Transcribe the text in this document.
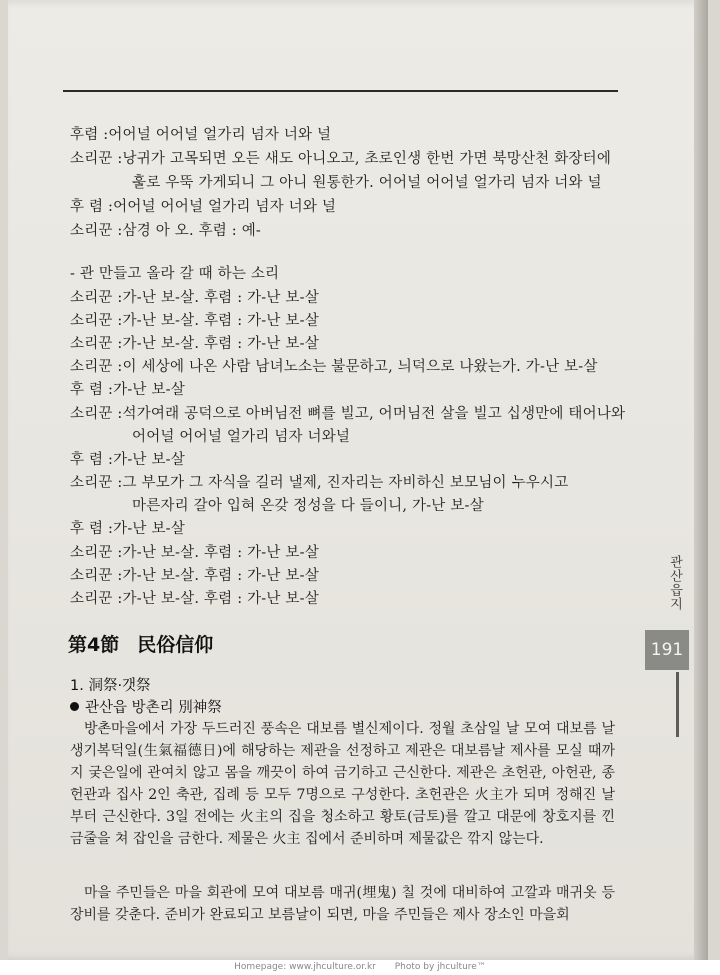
후렴 :어어널 어어널 얼가리 넘자 너와 널
소리꾼 :낭귀가 고목되면 오든 새도 아니오고, 초로인생 한번 가면 북망산천 화장터에
훌로 우뚝 가게되니 그 아니 원통한가. 어어널 어어널 얼가리 넘자 너와 널
후 렴 :어어널 어어널 얼가리 넘자 너와 널
소리꾼 :삼경 아 오. 후렴 : 예-
- 관 만들고 올라 갈 때 하는 소리
소리꾼 :가-난 보-살. 후렴 : 가-난 보-살
소리꾼 :가-난 보-살. 후렴 : 가-난 보-살
소리꾼 :가-난 보-살. 후렴 : 가-난 보-살
소리꾼 :이 세상에 나온 사람 남녀노소는 불문하고, 늬덕으로 나왔는가. 가-난 보-살
후 렴 :가-난 보-살
소리꾼 :석가여래 공덕으로 아버님전 뼈를 빌고, 어머님전 살을 빌고 십생만에 태어나와
어어널 어어널 얼가리 넘자 너와널
후 렴 :가-난 보-살
소리꾼 :그 부모가 그 자식을 길러 낼제, 진자리는 자비하신 보모님이 누우시고
마른자리 갈아 입혀 온갖 정성을 다 들이니, 가-난 보-살
후 렴 :가-난 보-살
소리꾼 :가-난 보-살. 후렴 : 가-난 보-살
소리꾼 :가-난 보-살. 후렴 : 가-난 보-살
소리꾼 :가-난 보-살. 후렴 : 가-난 보-살
第4節 民俗信仰
1. 洞祭·갯祭
관산읍 방촌리 別神祭
방촌마을에서 가장 두드러진 풍속은 대보름 별신제이다. 정월 초삼일 날 모여 대보름 날 생기복덕일(生氣福德日)에 해당하는 제관을 선정하고 제관은 대보름날 제사를 모실 때까지 궂은일에 관여치 않고 몸을 깨끗이 하여 금기하고 근신한다. 제관은 초헌관, 아헌관, 종헌관과 집사 2인 축관, 집례 등 모두 7명으로 구성한다. 초헌관은 火主가 되며 정해진 날부터 근신한다. 3일 전에는 火主의 집을 청소하고 황토(금토)를 깔고 대문에 창호지를 낀 금줄을 쳐 잡인을 금한다. 제물은 火主 집에서 준비하며 제물값은 깎지 않는다.
마을 주민들은 마을 회관에 모여 대보름 매귀(埋鬼) 칠 것에 대비하여 고깔과 매귀옷 등 장비를 갖춘다. 준비가 완료되고 보름날이 되면, 마을 주민들은 제사 장소인 마을회
관산읍지
191
Homepage: www.jhculture.or.kr Photo by jhculture™
